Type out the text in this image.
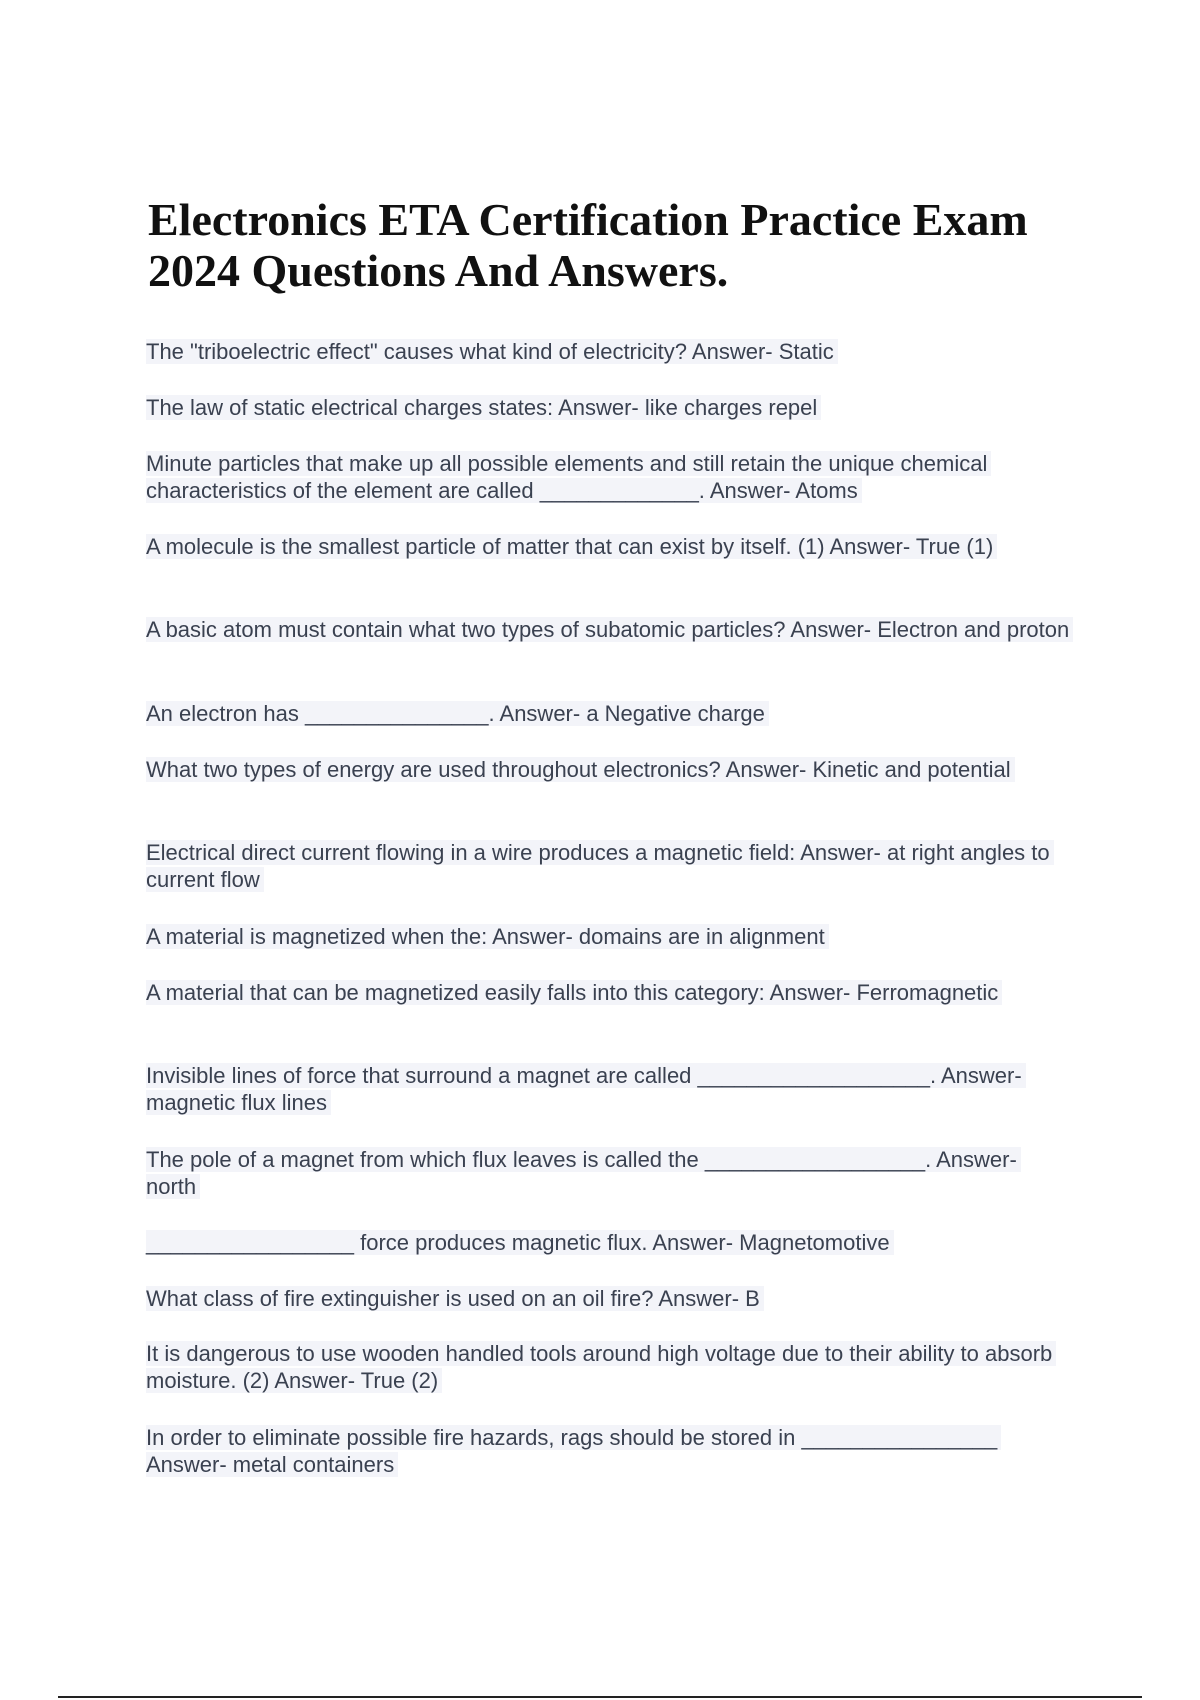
Electronics ETA Certification Practice Exam 2024 Questions And Answers.
The "triboelectric effect" causes what kind of electricity? Answer- Static
The law of static electrical charges states: Answer- like charges repel
Minute particles that make up all possible elements and still retain the unique chemical characteristics of the element are called _____________. Answer- Atoms
A molecule is the smallest particle of matter that can exist by itself. (1) Answer- True (1)
A basic atom must contain what two types of subatomic particles? Answer- Electron and proton
An electron has _______________. Answer- a Negative charge
What two types of energy are used throughout electronics? Answer- Kinetic and potential
Electrical direct current flowing in a wire produces a magnetic field: Answer- at right angles to current flow
A material is magnetized when the: Answer- domains are in alignment
A material that can be magnetized easily falls into this category: Answer- Ferromagnetic
Invisible lines of force that surround a magnet are called ___________________. Answer- magnetic flux lines
The pole of a magnet from which flux leaves is called the __________________. Answer- north
_________________ force produces magnetic flux. Answer- Magnetomotive
What class of fire extinguisher is used on an oil fire? Answer- B
It is dangerous to use wooden handled tools around high voltage due to their ability to absorb moisture. (2) Answer- True (2)
In order to eliminate possible fire hazards, rags should be stored in ________________ Answer- metal containers
